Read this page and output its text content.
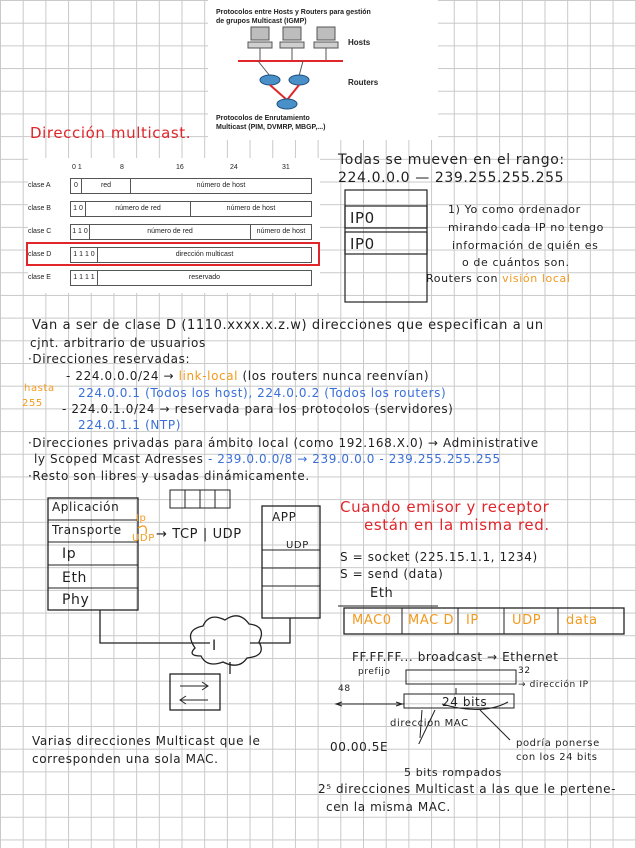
Protocolos entre Hosts y Routers para gestión
de grupos Multicast (IGMP)
Hosts
Routers
Protocolos de Enrutamiento
Multicast (PIM, DVMRP, MBGP,...)
Dirección multicast.
0 1	8	16	24	31
clase A	0	red	número de host
clase B	1 0	número de red	número de host
clase C	1 1 0	número de red	número de host
clase D	1 1 1 0	dirección multicast
clase E	1 1 1 1	reservado
Todas se mueven en el rango:
224.0.0.0 — 239.255.255.255
IP0
IP0
1) Yo como ordenador
mirando cada IP no tengo
información de quién es
o de cuántos son.
Routers con visión local
Van a ser de clase D (1110.xxxx.x.z.w) direcciones que especifican a un
cjnt. arbitrario de usuarios
·Direcciones reservadas:
- 224.0.0.0/24 → link-local (los routers nunca reenvían)
hasta
255
224.0.0.1 (Todos los host), 224.0.0.2 (Todos los routers)
- 224.0.1.0/24 → reservada para los protocolos (servidores)
224.0.1.1 (NTP)
·Direcciones privadas para ámbito local (como 192.168.X.0) → Administrative
ly Scoped Mcast Adresses - 239.0.0.0/8 → 239.0.0.0 - 239.255.255.255
·Resto son libres y usadas dinámicamente.
Aplicación
Transporte
Ip
Eth
Phy
Ip
UDP → TCP | UDP
APP
UDP
I
Cuando emisor y receptor
están en la misma red.
S = socket (225.15.1.1, 1234)
S = send (data)
Eth
MAC0 MAC D IP	UDP data
FF.FF.FF... broadcast → Ethernet
prefijo
48
32
→ dirección IP
24 bits
dirección MAC
00.00.5E	podría ponerse
con los 24 bits
5 bits rompados
2⁵ direcciones Multicast a las que le pertene-
cen la misma MAC.
Varias direcciones Multicast que le
corresponden una sola MAC.
